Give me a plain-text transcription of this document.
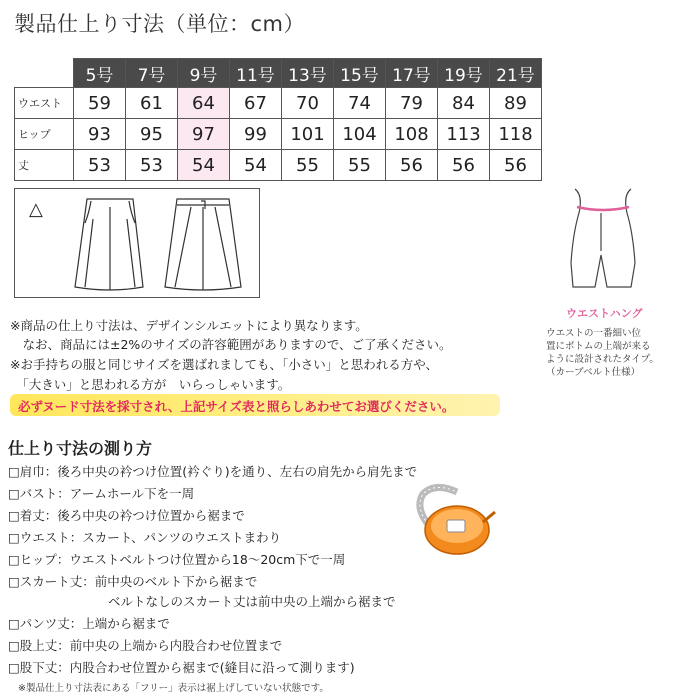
製品仕上り寸法（単位：cm）
	5号	7号	9号	11号	13号	15号	17号	19号	21号
ウエスト	59	61	64	67	70	74	79	84	89
ヒップ	93	95	97	99	101	104	108	113	118
丈	53	53	54	54	55	55	56	56	56
△
ウエストハング
ウエストの一番細い位
置にボトムの上端が来る
ように設計されたタイプ。
（カーブベルト仕様）
※商品の仕上り寸法は、デザインシルエットにより異なります。
　なお、商品には±2%のサイズの許容範囲がありますので、ご了承ください。
※お手持ちの服と同じサイズを選ばれましても、「小さい」と思われる方や、
　「大きい」と思われる方が　いらっしゃいます。
必ずヌード寸法を採寸され、上記サイズ表と照らしあわせてお選びください。
仕上り寸法の測り方
□肩巾：後ろ中央の衿つけ位置(衿ぐり)を通り、左右の肩先から肩先まで
□バスト：アームホール下を一周
□着丈：後ろ中央の衿つけ位置から裾まで
□ウエスト：スカート、パンツのウエストまわり
□ヒップ：ウエストベルトつけ位置から18～20cm下で一周
□スカート丈：前中央のベルト下から裾まで
ベルトなしのスカート丈は前中央の上端から裾まで
□パンツ丈：上端から裾まで
□股上丈：前中央の上端から内股合わせ位置まで
□股下丈：内股合わせ位置から裾まで(縫目に沿って測ります)
※製品仕上り寸法表にある「フリー」表示は裾上げしていない状態です。
